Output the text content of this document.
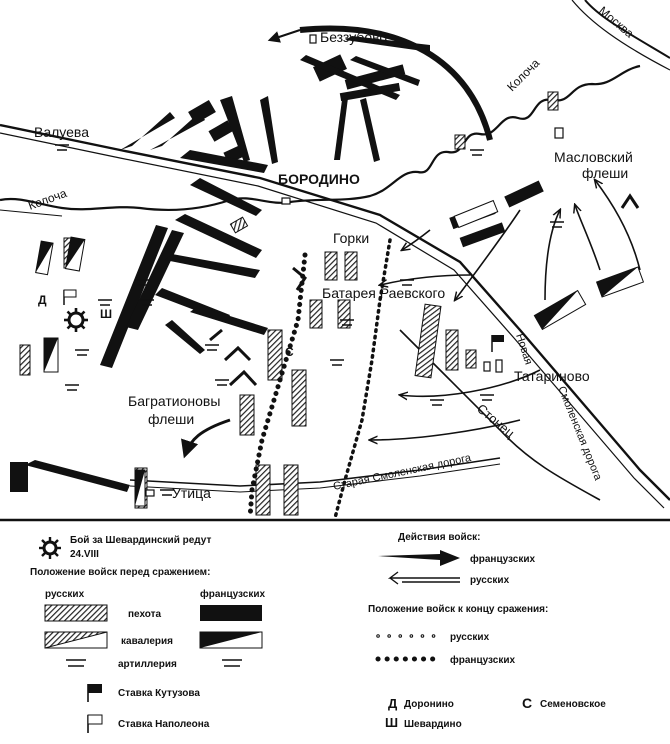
Беззубово	Москва
Колоча
Валуева
Колоча
БОРОДИНО
Масловский
флеши
Горки
Батарея Раевского
Татариново
Багратионовы
флеши
Утица
Новая
Смоленская дорога
Стонец
Старая Смоленская дорога
Д
Ш
С
Бой за Шевардинский редут
24.VIII
Положение войск перед сражением:
русских	французских
пехота
кавалерия
артиллерия
Ставка Кутузова
Ставка Наполеона
Действия войск:
французских
русских
Положение войск к концу сражения:
русских
французских
Д Доронино
Ш Шевардино
С Семеновское
